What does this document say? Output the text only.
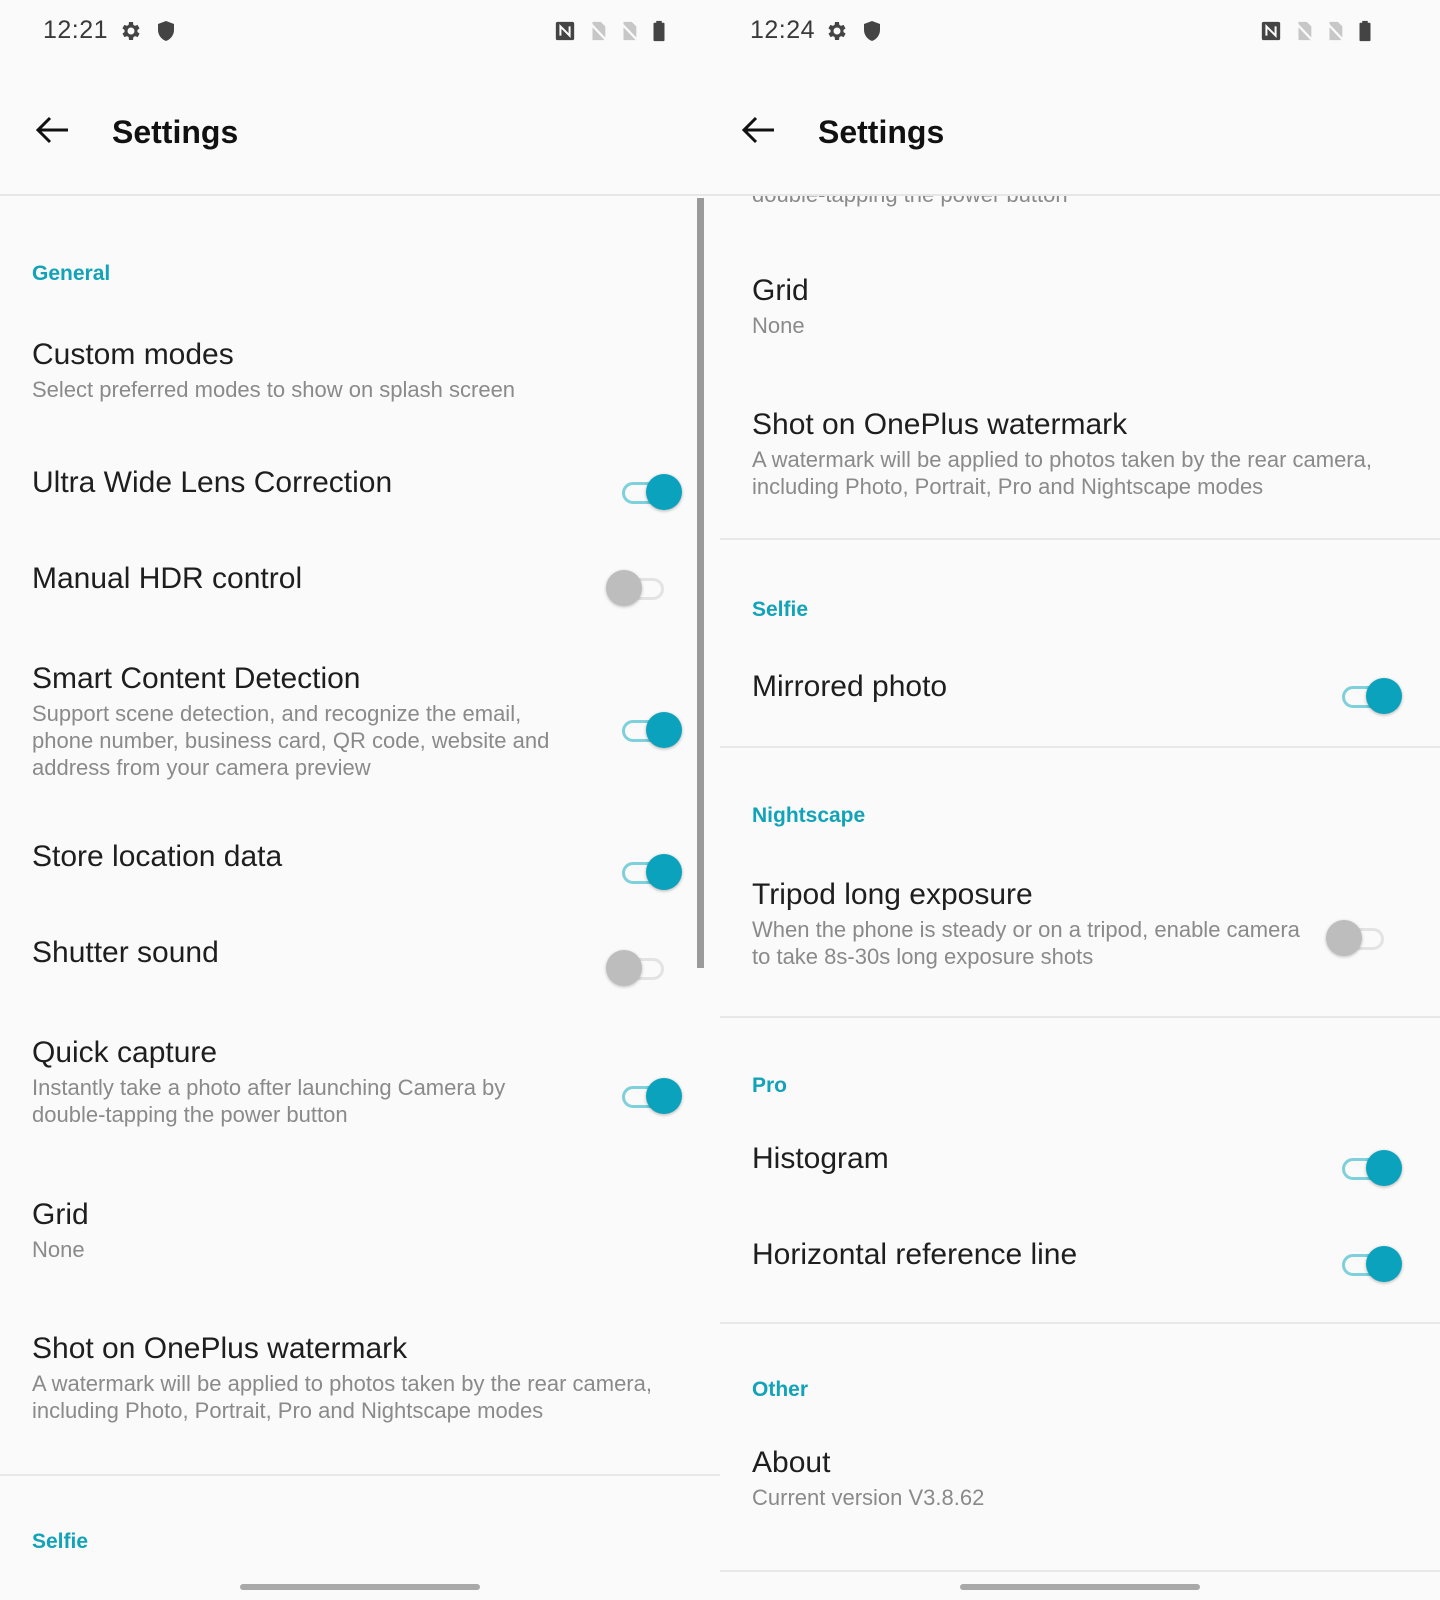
12:21
Settings
General
Custom modes
Select preferred modes to show on splash screen
Ultra Wide Lens Correction
Manual HDR control
Smart Content Detection
Support scene detection, and recognize the email, phone number, business card, QR code, website and address from your camera preview
Store location data
Shutter sound
Quick capture
Instantly take a photo after launching Camera by double-tapping the power button
Grid
None
Shot on OnePlus watermark
A watermark will be applied to photos taken by the rear camera, including Photo, Portrait, Pro and Nightscape modes
Selfie
12:24
Settings
Grid
None
Shot on OnePlus watermark
A watermark will be applied to photos taken by the rear camera, including Photo, Portrait, Pro and Nightscape modes
Selfie
Mirrored photo
Nightscape
Tripod long exposure
When the phone is steady or on a tripod, enable camera to take 8s-30s long exposure shots
Pro
Histogram
Horizontal reference line
Other
About
Current version V3.8.62
